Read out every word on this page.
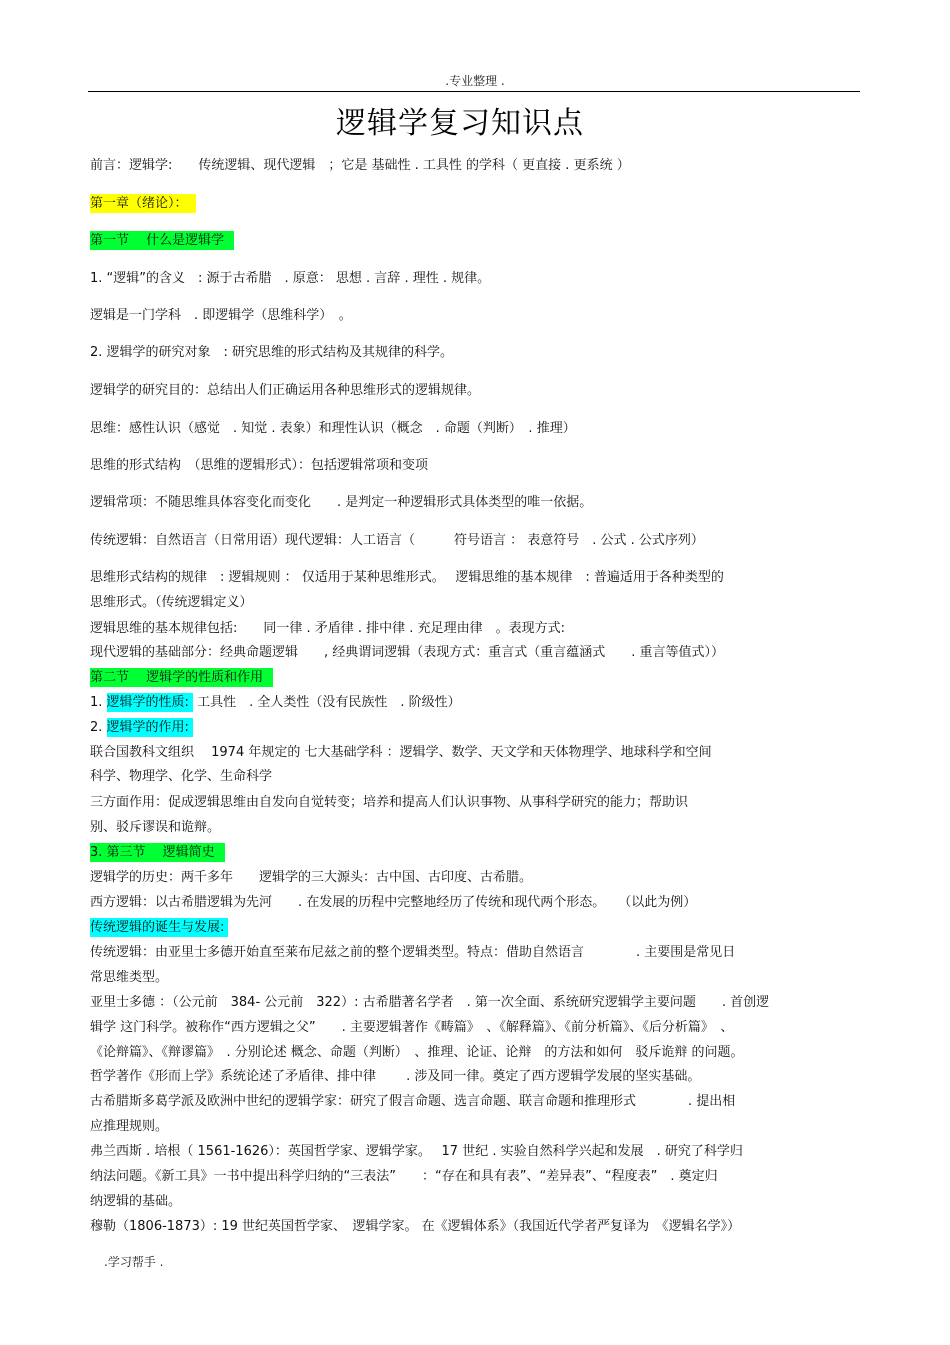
.专业整理 .
逻辑学复习知识点
前言：逻辑学:　　传统逻辑、现代逻辑　；它是 基础性 . 工具性 的学科（ 更直接 . 更系统 ）
第一章（绪论）：
第一节　 什么是逻辑学
1. “逻辑”的含义　: 源于古希腊　. 原意： 思想 . 言辞 . 理性 . 规律。
逻辑是一门学科　. 即逻辑学（思维科学）　。
2. 逻辑学的研究对象　: 研究思维的形式结构及其规律的科学。
逻辑学的研究目的：总结出人们正确运用各种思维形式的逻辑规律。
思维：感性认识（感觉　. 知觉 . 表象）和理性认识（概念　. 命题（判断）　. 推理）
思维的形式结构　（思维的逻辑形式）：包括逻辑常项和变项
逻辑常项：不随思维具体容变化而变化　　. 是判定一种逻辑形式具体类型的唯一依据。
传统逻辑：自然语言（日常用语）现代逻辑：人工语言（　　　符号语言 ： 表意符号　. 公式 . 公式序列）
思维形式结构的规律　: 逻辑规则 ： 仅适用于某种思维形式。　 逻辑思维的基本规律　: 普遍适用于各种类型的
思维形式。（传统逻辑定义）
逻辑思维的基本规律包括:　　同一律 . 矛盾律 . 排中律 . 充足理由律　。表现方式:
现代逻辑的基础部分：经典命题逻辑　　, 经典谓词逻辑（表现方式：重言式（重言蕴涵式　　. 重言等值式））
第二节　 逻辑学的性质和作用
1. 逻辑学的性质: 工具性　. 全人类性（没有民族性　. 阶级性）
2. 逻辑学的作用:
联合国教科文组织　 1974 年规定的 七大基础学科 ：逻辑学、数学、天文学和天体物理学、地球科学和空间
科学、物理学、化学、生命科学
三方面作用：促成逻辑思维由自发向自觉转变；培养和提高人们认识事物、从事科学研究的能力；帮助识
别、驳斥谬误和诡辩。
3. 第三节　 逻辑简史
逻辑学的历史：两千多年　　逻辑学的三大源头：古中国、古印度、古希腊。
西方逻辑：以古希腊逻辑为先河　　. 在发展的历程中完整地经历了传统和现代两个形态。　　（以此为例）
传统逻辑的诞生与发展:
传统逻辑：由亚里士多德开始直至莱布尼兹之前的整个逻辑类型。特点：借助自然语言　　　　. 主要围是常见日
常思维类型。
亚里士多德 ：（公元前　384- 公元前　322）: 古希腊著名学者　. 第一次全面、系统研究逻辑学主要问题　　. 首创逻
辑学 这门科学。被称作“西方逻辑之父”　　. 主要逻辑著作《畴篇》　、《解释篇》、《前分析篇》、《后分析篇》　、
《论辩篇》、《辩谬篇》　. 分别论述 概念、命题（判断）　、推理、论证、论辩　的方法和如何　驳斥诡辩 的问题。
哲学著作《形而上学》系统论述了矛盾律、排中律　　 . 涉及同一律。奠定了西方逻辑学发展的坚实基础。
古希腊斯多葛学派及欧洲中世纪的逻辑学家：研究了假言命题、选言命题、联言命题和推理形式　　　　. 提出相
应推理规则。
弗兰西斯 . 培根（ 1561-1626）：英国哲学家、逻辑学家。　 17 世纪 . 实验自然科学兴起和发展　. 研究了科学归
纳法问题。《新工具》一书中提出科学归纳的“三表法”　　：“存在和具有表”、“差异表”、“程度表”　. 奠定归
纳逻辑的基础。
穆勒（1806-1873）: 19 世纪英国哲学家、　逻辑学家。 在《逻辑体系》（我国近代学者严复译为　《逻辑名学》）
.学习帮手 .
